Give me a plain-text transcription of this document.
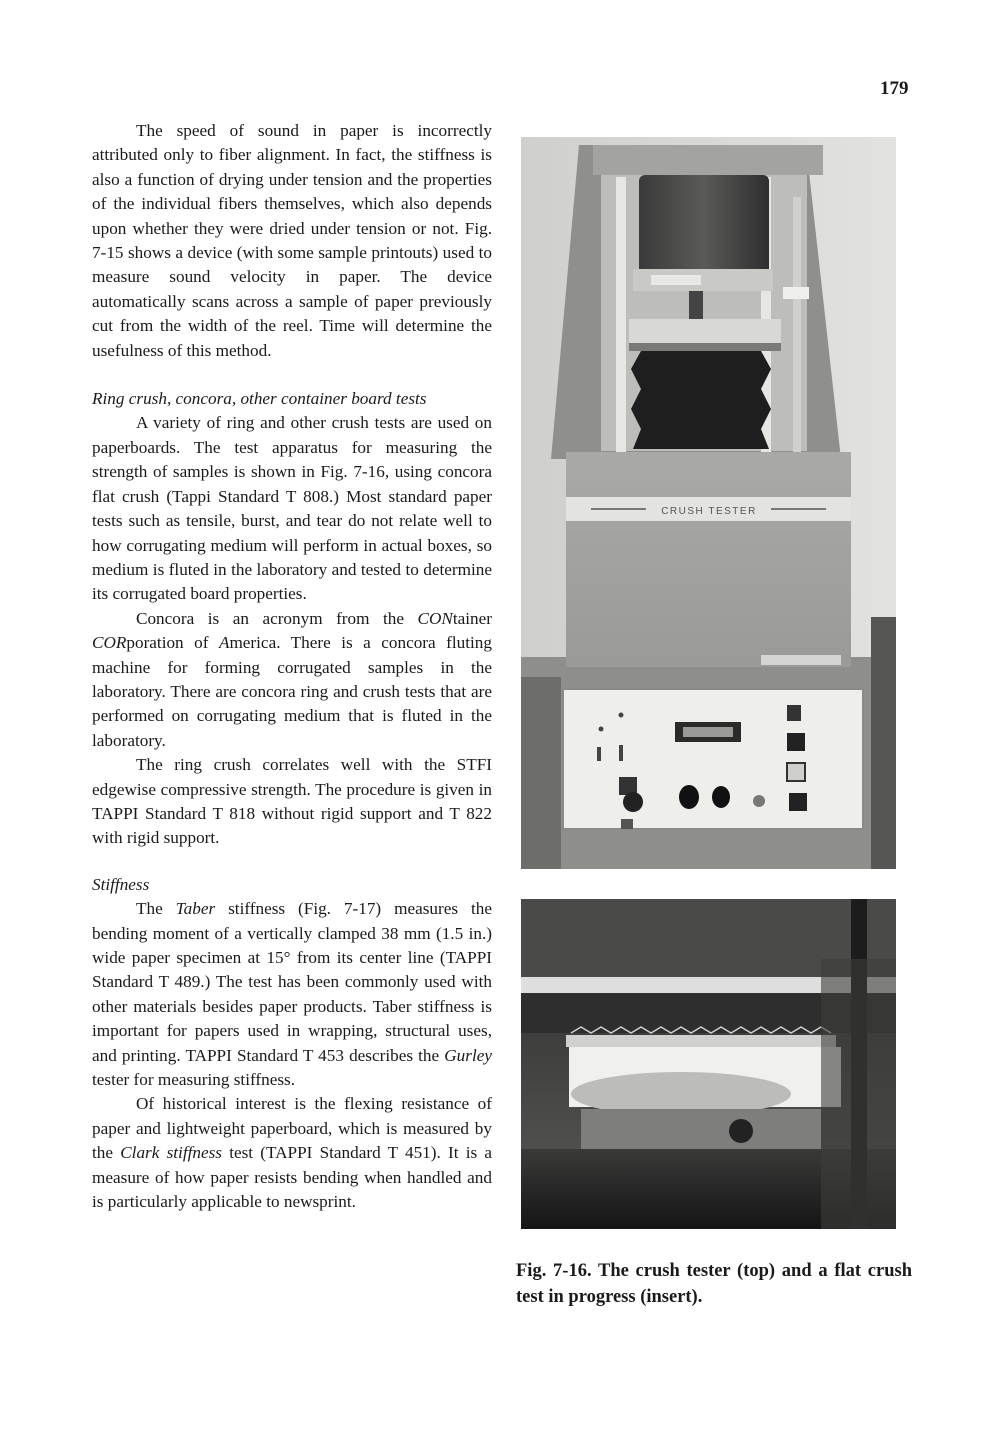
179

The speed of sound in paper is incorrectly attributed only to fiber alignment. In fact, the stiffness is also a function of drying under tension and the properties of the individual fibers themselves, which also depends upon whether they were dried under tension or not. Fig. 7-15 shows a device (with some sample printouts) used to measure sound velocity in paper. The device automatically scans across a sample of paper previously cut from the width of the reel. Time will determine the usefulness of this method.

Ring crush, concora, other container board tests

A variety of ring and other crush tests are used on paperboards. The test apparatus for measuring the strength of samples is shown in Fig. 7-16, using concora flat crush (Tappi Standard T 808.) Most standard paper tests such as tensile, burst, and tear do not relate well to how corrugating medium will perform in actual boxes, so medium is fluted in the laboratory and tested to determine its corrugated board properties.

Concora is an acronym from the CONtainer CORporation of America. There is a concora fluting machine for forming corrugated samples in the laboratory. There are concora ring and crush tests that are performed on corrugating medium that is fluted in the laboratory.

The ring crush correlates well with the STFI edgewise compressive strength. The procedure is given in TAPPI Standard T 818 without rigid support and T 822 with rigid support.

Stiffness

The Taber stiffness (Fig. 7-17) measures the bending moment of a vertically clamped 38 mm (1.5 in.) wide paper specimen at 15° from its center line (TAPPI Standard T 489.) The test has been commonly used with other materials besides paper products. Taber stiffness is important for papers used in wrapping, structural uses, and printing. TAPPI Standard T 453 describes the Gurley tester for measuring stiffness.

Of historical interest is the flexing resistance of paper and lightweight paperboard, which is measured by the Clark stiffness test (TAPPI Standard T 451). It is a measure of how paper resists bending when handled and is particularly applicable to newsprint.

CRUSH TESTER
Fig. 7-16. The crush tester (top) and a flat crush test in progress (insert).
